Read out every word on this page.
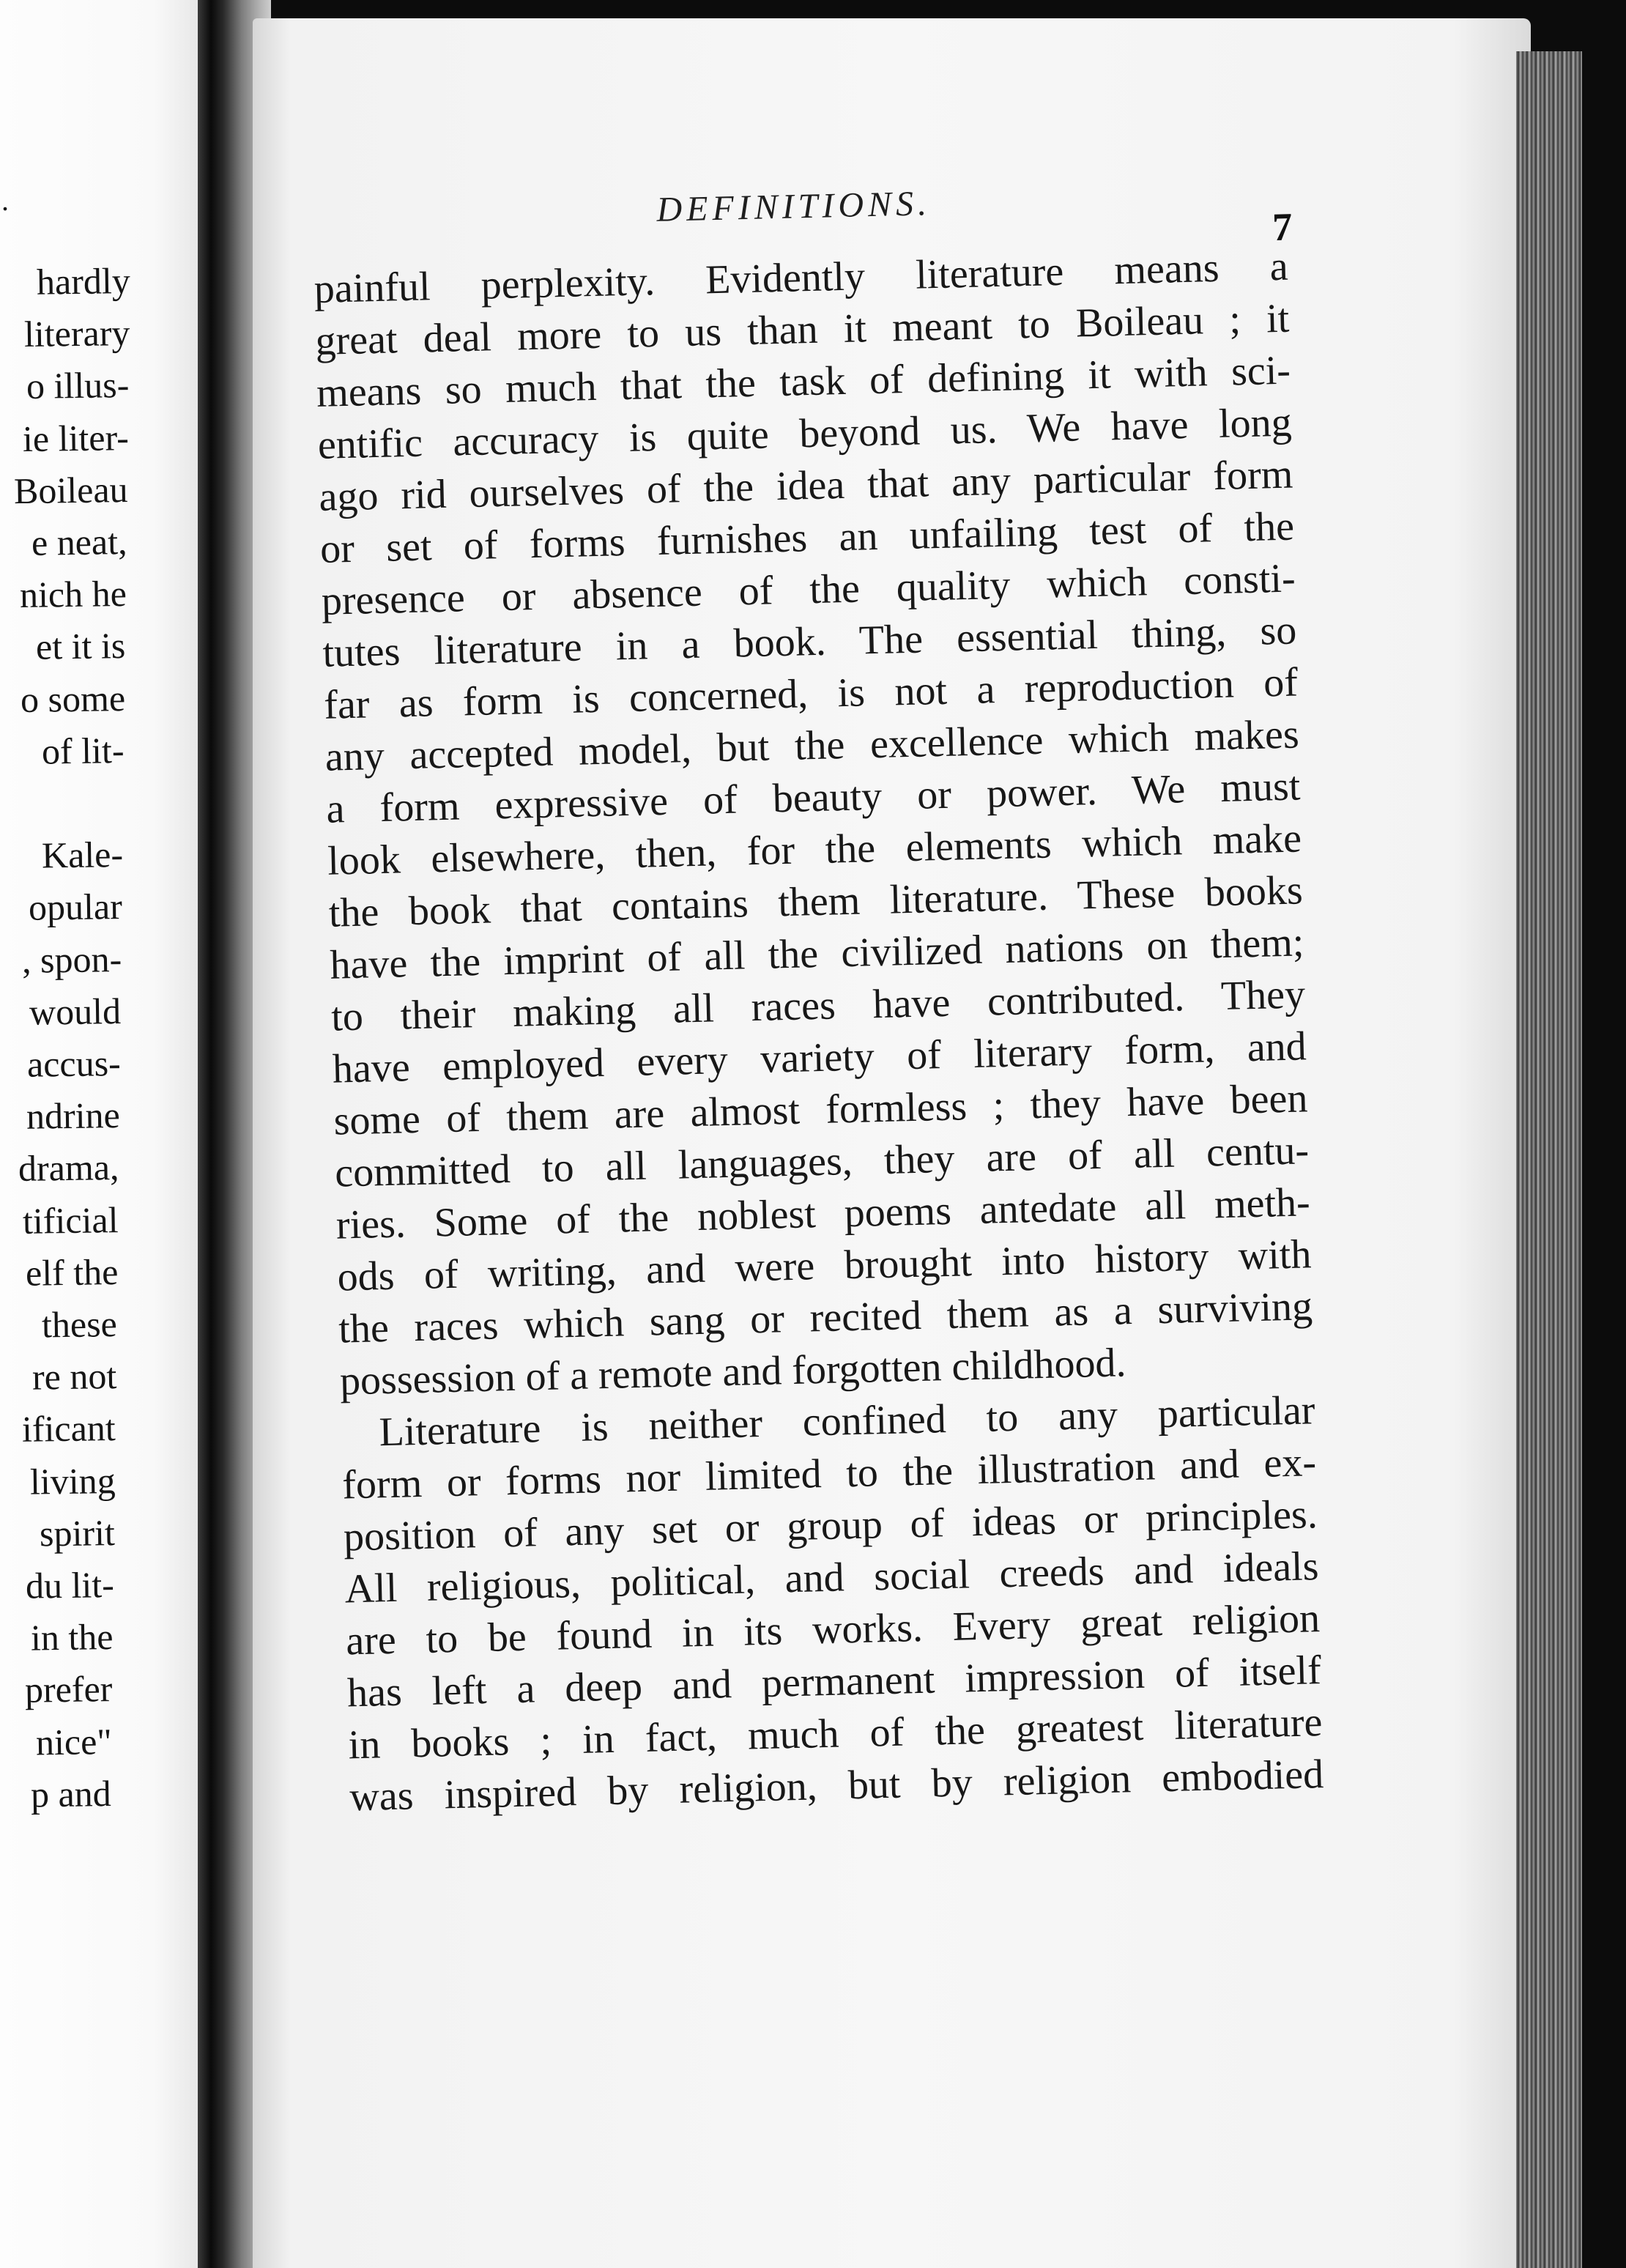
.
hardly
literary
o illus-
ie liter-
Boileau
e neat,
nich he
et it is
o some
of lit-
Kale-
opular
, spon-
would
accus-
ndrine
drama,
tificial
elf the
these
re not
ificant
living
spirit
du lit-
in the
prefer
nice"
p and
DEFINITIONS.	7
painful perplexity. Evidently literature means a
great deal more to us than it meant to Boileau ; it
means so much that the task of defining it with sci-
entific accuracy is quite beyond us. We have long
ago rid ourselves of the idea that any particular form
or set of forms furnishes an unfailing test of the
presence or absence of the quality which consti-
tutes literature in a book. The essential thing, so
far as form is concerned, is not a reproduction of
any accepted model, but the excellence which makes
a form expressive of beauty or power. We must
look elsewhere, then, for the elements which make
the book that contains them literature. These books
have the imprint of all the civilized nations on them;
to their making all races have contributed. They
have employed every variety of literary form, and
some of them are almost formless ; they have been
committed to all languages, they are of all centu-
ries. Some of the noblest poems antedate all meth-
ods of writing, and were brought into history with
the races which sang or recited them as a surviving
possession of a remote and forgotten childhood.
Literature is neither confined to any particular
form or forms nor limited to the illustration and ex-
position of any set or group of ideas or principles.
All religious, political, and social creeds and ideals
are to be found in its works. Every great religion
has left a deep and permanent impression of itself
in books ; in fact, much of the greatest literature
was inspired by religion, but by religion embodied
